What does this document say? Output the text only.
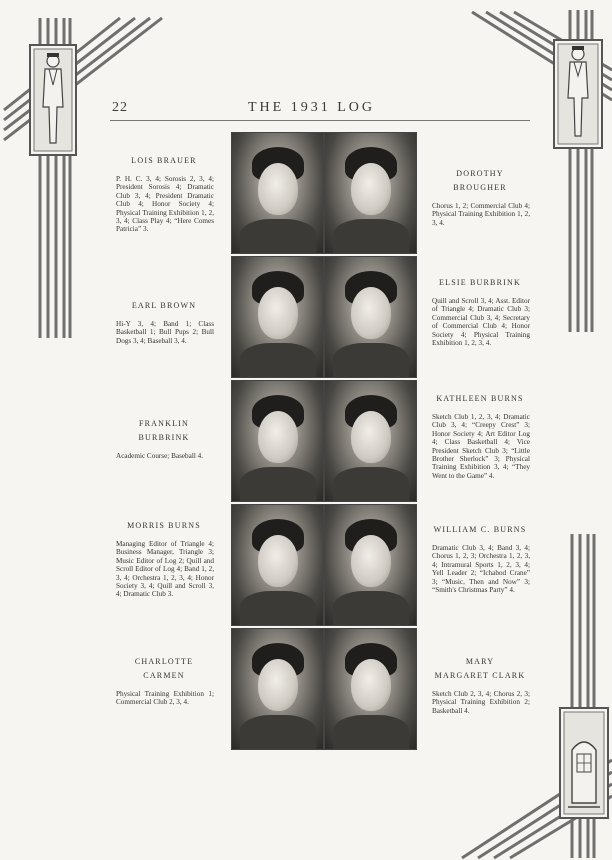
22	THE 1931 LOG
LOIS BRAUER
P. H. C. 3, 4; Sorosis 2, 3, 4; President Sorosis 4; Dramatic Club 3, 4; President Dramatic Club 4; Honor Society 4; Physical Training Exhibition 1, 2, 3, 4; Class Play 4; “Here Comes Patricia” 3.
DOROTHY
BROUGHER
Chorus 1, 2; Commercial Club 4; Physical Training Exhibition 1, 2, 3, 4.
EARL BROWN
Hi-Y 3, 4; Band 1; Class Basketball 1; Bull Pups 2; Bull Dogs 3, 4; Baseball 3, 4.
ELSIE BURBRINK
Quill and Scroll 3, 4; Asst. Editor of Triangle 4; Dramatic Club 3; Commercial Club 3, 4; Secretary of Commercial Club 4; Honor Society 4; Physical Training Exhibition 1, 2, 3, 4.
FRANKLIN
BURBRINK
Academic Course; Baseball 4.
KATHLEEN BURNS
Sketch Club 1, 2, 3, 4; Dramatic Club 3, 4; “Creepy Crest” 3; Honor Society 4; Art Editor Log 4; Class Basketball 4; Vice President Sketch Club 3; “Little Brother Sherlock” 3; Physical Training Exhibition 3, 4; “They Went to the Game” 4.
MORRIS BURNS
Managing Editor of Triangle 4; Business Manager, Triangle 3; Music Editor of Log 2; Quill and Scroll Editor of Log 4; Band 1, 2, 3, 4; Orchestra 1, 2, 3, 4; Honor Society 3, 4; Quill and Scroll 3, 4; Dramatic Club 3.
WILLIAM C. BURNS
Dramatic Club 3, 4; Band 3, 4; Chorus 1, 2, 3; Orchestra 1, 2, 3, 4; Intramural Sports 1, 2, 3, 4; Yell Leader 2; “Ichabod Crane” 3; “Music, Then and Now” 3; “Smith's Christmas Party” 4.
CHARLOTTE
CARMEN
Physical Training Exhibition 1; Commercial Club 2, 3, 4.
MARY
MARGARET CLARK
Sketch Club 2, 3, 4; Chorus 2, 3; Physical Training Exhibition 2; Basketball 4.
